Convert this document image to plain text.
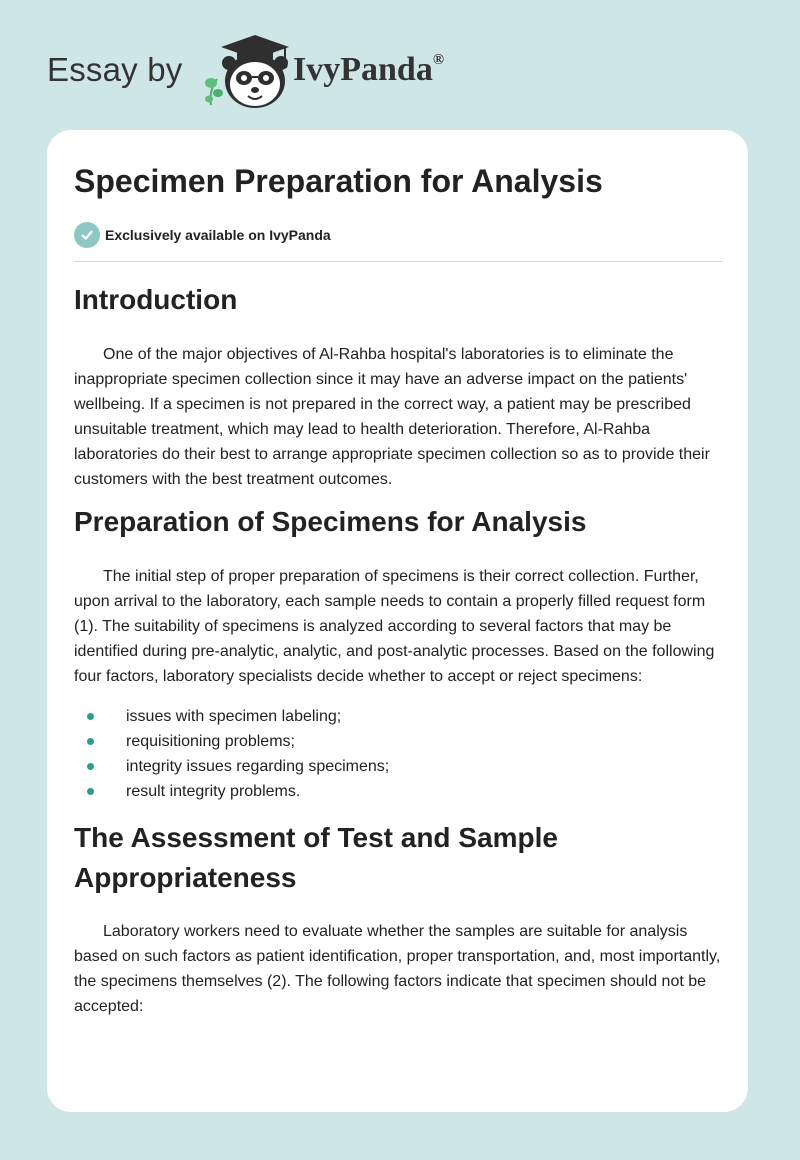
Essay by	IvyPanda®
Specimen Preparation for Analysis
Exclusively available on IvyPanda
Introduction

One of the major objectives of Al-Rahba hospital's laboratories is to eliminate the inappropriate specimen collection since it may have an adverse impact on the patients' wellbeing. If a specimen is not prepared in the correct way, a patient may be prescribed unsuitable treatment, which may lead to health deterioration. Therefore, Al-Rahba laboratories do their best to arrange appropriate specimen collection so as to provide their customers with the best treatment outcomes.

Preparation of Specimens for Analysis

The initial step of proper preparation of specimens is their correct collection. Further, upon arrival to the laboratory, each sample needs to contain a properly filled request form (1). The suitability of specimens is analyzed according to several factors that may be identified during pre-analytic, analytic, and post-analytic processes. Based on the following four factors, laboratory specialists decide whether to accept or reject specimens:

issues with specimen labeling;
requisitioning problems;
integrity issues regarding specimens;
result integrity problems.
The Assessment of Test and Sample Appropriateness

Laboratory workers need to evaluate whether the samples are suitable for analysis based on such factors as patient identification, proper transportation, and, most importantly, the specimens themselves (2). The following factors indicate that specimen should not be accepted:
